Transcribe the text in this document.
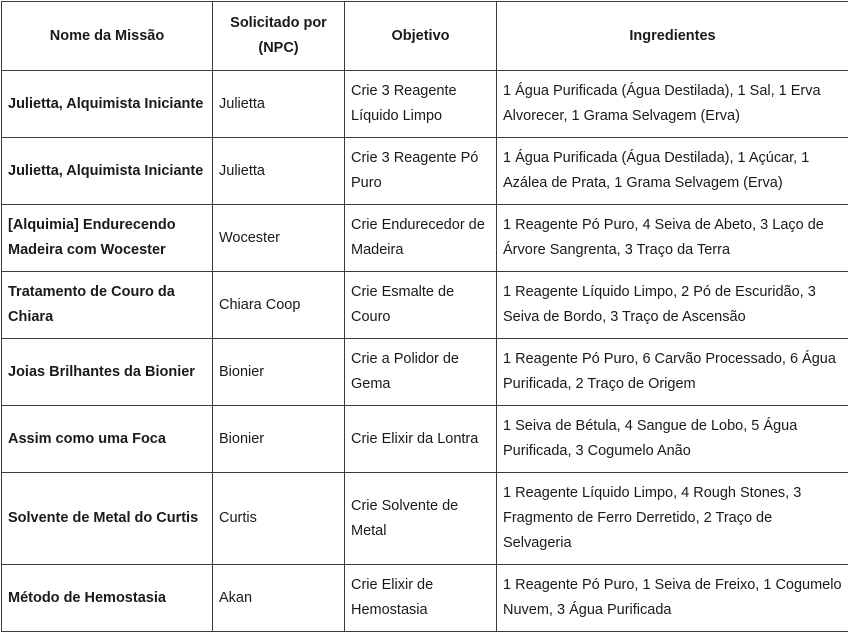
Nome da Missão	Solicitado por (NPC)	Objetivo	Ingredientes
Julietta, Alquimista Iniciante	Julietta	Crie 3 Reagente Líquido Limpo	1 Água Purificada (Água Destilada), 1 Sal, 1 Erva Alvorecer, 1 Grama Selvagem (Erva)
Julietta, Alquimista Iniciante	Julietta	Crie 3 Reagente Pó Puro	1 Água Purificada (Água Destilada), 1 Açúcar, 1 Azálea de Prata, 1 Grama Selvagem (Erva)
[Alquimia] Endurecendo Madeira com Wocester	Wocester	Crie Endurecedor de Madeira	1 Reagente Pó Puro, 4 Seiva de Abeto, 3 Laço de Árvore Sangrenta, 3 Traço da Terra
Tratamento de Couro da Chiara	Chiara Coop	Crie Esmalte de Couro	1 Reagente Líquido Limpo, 2 Pó de Escuridão, 3 Seiva de Bordo, 3 Traço de Ascensão
Joias Brilhantes da Bionier	Bionier	Crie a Polidor de Gema	1 Reagente Pó Puro, 6 Carvão Processado, 6 Água Purificada, 2 Traço de Origem
Assim como uma Foca	Bionier	Crie Elixir da Lontra	1 Seiva de Bétula, 4 Sangue de Lobo, 5 Água Purificada, 3 Cogumelo Anão
Solvente de Metal do Curtis	Curtis	Crie Solvente de Metal	1 Reagente Líquido Limpo, 4 Rough Stones, 3 Fragmento de Ferro Derretido, 2 Traço de Selvageria
Método de Hemostasia	Akan	Crie Elixir de Hemostasia	1 Reagente Pó Puro, 1 Seiva de Freixo, 1 Cogumelo Nuvem, 3 Água Purificada
